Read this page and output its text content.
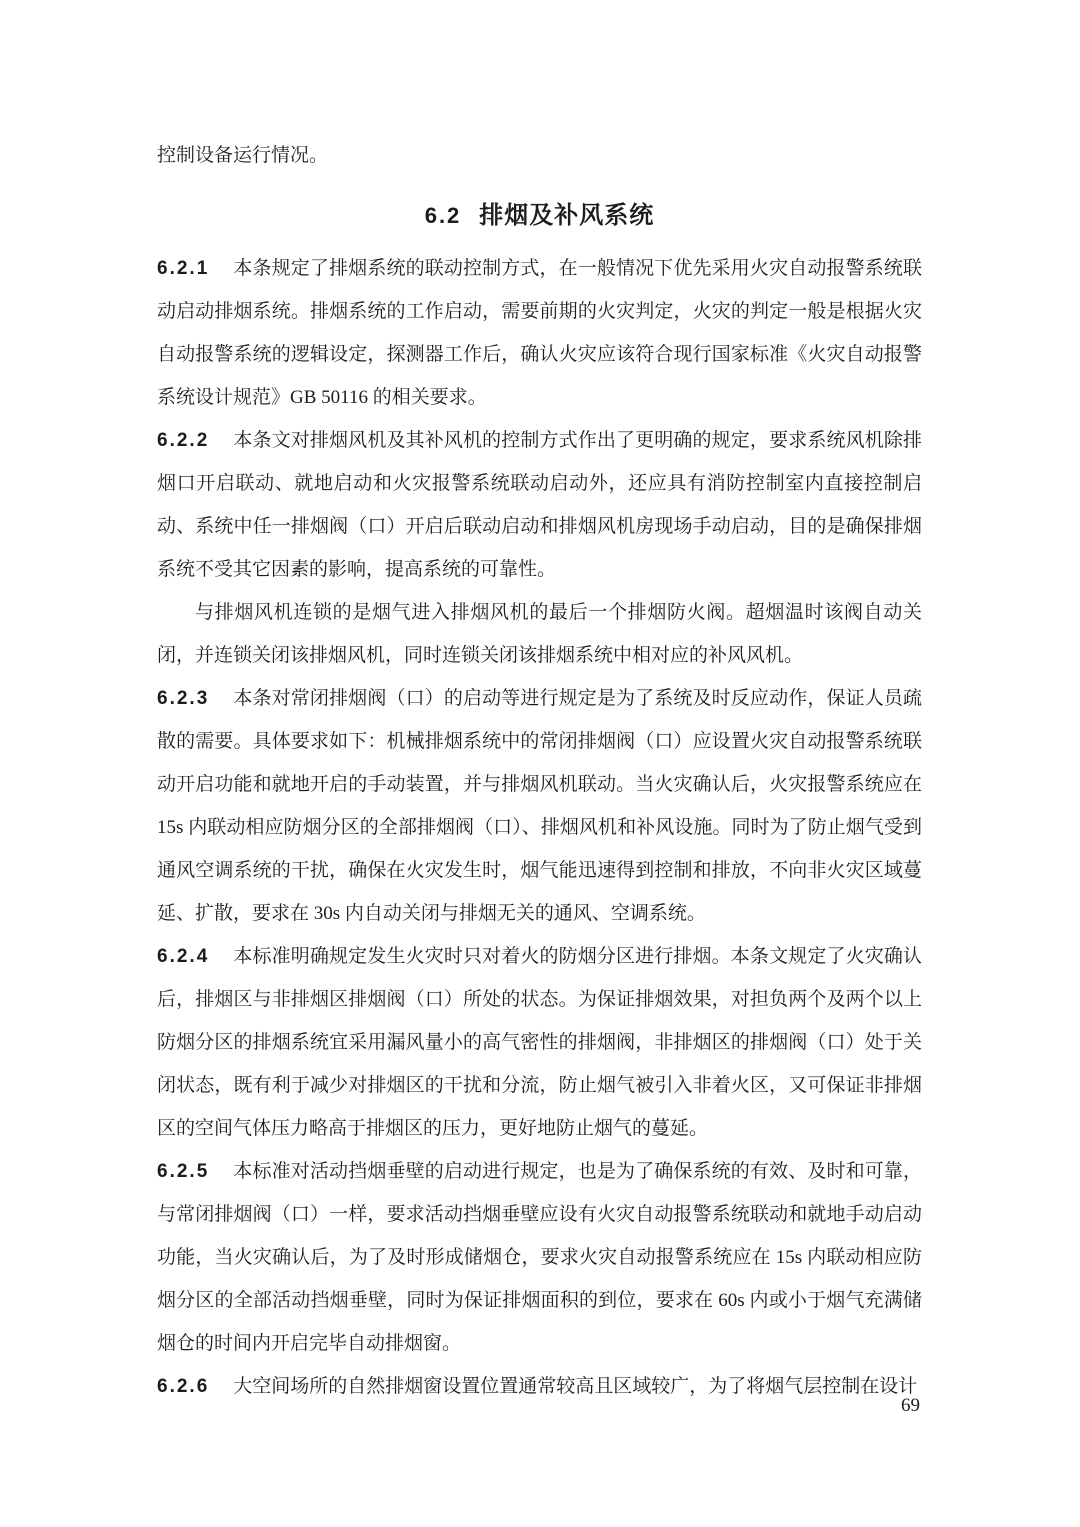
控制设备运行情况。

6.2 排烟及补风系统

6.2.1 本条规定了排烟系统的联动控制方式，在一般情况下优先采用火灾自动报警系统联动启动排烟系统。排烟系统的工作启动，需要前期的火灾判定，火灾的判定一般是根据火灾自动报警系统的逻辑设定，探测器工作后，确认火灾应该符合现行国家标准《火灾自动报警系统设计规范》GB 50116 的相关要求。

6.2.2 本条文对排烟风机及其补风机的控制方式作出了更明确的规定，要求系统风机除排烟口开启联动、就地启动和火灾报警系统联动启动外，还应具有消防控制室内直接控制启动、系统中任一排烟阀（口）开启后联动启动和排烟风机房现场手动启动，目的是确保排烟系统不受其它因素的影响，提高系统的可靠性。

与排烟风机连锁的是烟气进入排烟风机的最后一个排烟防火阀。超烟温时该阀自动关闭，并连锁关闭该排烟风机，同时连锁关闭该排烟系统中相对应的补风风机。

6.2.3 本条对常闭排烟阀（口）的启动等进行规定是为了系统及时反应动作，保证人员疏散的需要。具体要求如下：机械排烟系统中的常闭排烟阀（口）应设置火灾自动报警系统联动开启功能和就地开启的手动装置，并与排烟风机联动。当火灾确认后，火灾报警系统应在 15s 内联动相应防烟分区的全部排烟阀（口）、排烟风机和补风设施。同时为了防止烟气受到通风空调系统的干扰，确保在火灾发生时，烟气能迅速得到控制和排放，不向非火灾区域蔓延、扩散，要求在 30s 内自动关闭与排烟无关的通风、空调系统。

6.2.4 本标准明确规定发生火灾时只对着火的防烟分区进行排烟。本条文规定了火灾确认后，排烟区与非排烟区排烟阀（口）所处的状态。为保证排烟效果，对担负两个及两个以上防烟分区的排烟系统宜采用漏风量小的高气密性的排烟阀，非排烟区的排烟阀（口）处于关闭状态，既有利于减少对排烟区的干扰和分流，防止烟气被引入非着火区，又可保证非排烟区的空间气体压力略高于排烟区的压力，更好地防止烟气的蔓延。

6.2.5 本标准对活动挡烟垂壁的启动进行规定，也是为了确保系统的有效、及时和可靠，与常闭排烟阀（口）一样，要求活动挡烟垂壁应设有火灾自动报警系统联动和就地手动启动功能，当火灾确认后，为了及时形成储烟仓，要求火灾自动报警系统应在 15s 内联动相应防烟分区的全部活动挡烟垂壁，同时为保证排烟面积的到位，要求在 60s 内或小于烟气充满储烟仓的时间内开启完毕自动排烟窗。

6.2.6 大空间场所的自然排烟窗设置位置通常较高且区域较广，为了将烟气层控制在设计

69
